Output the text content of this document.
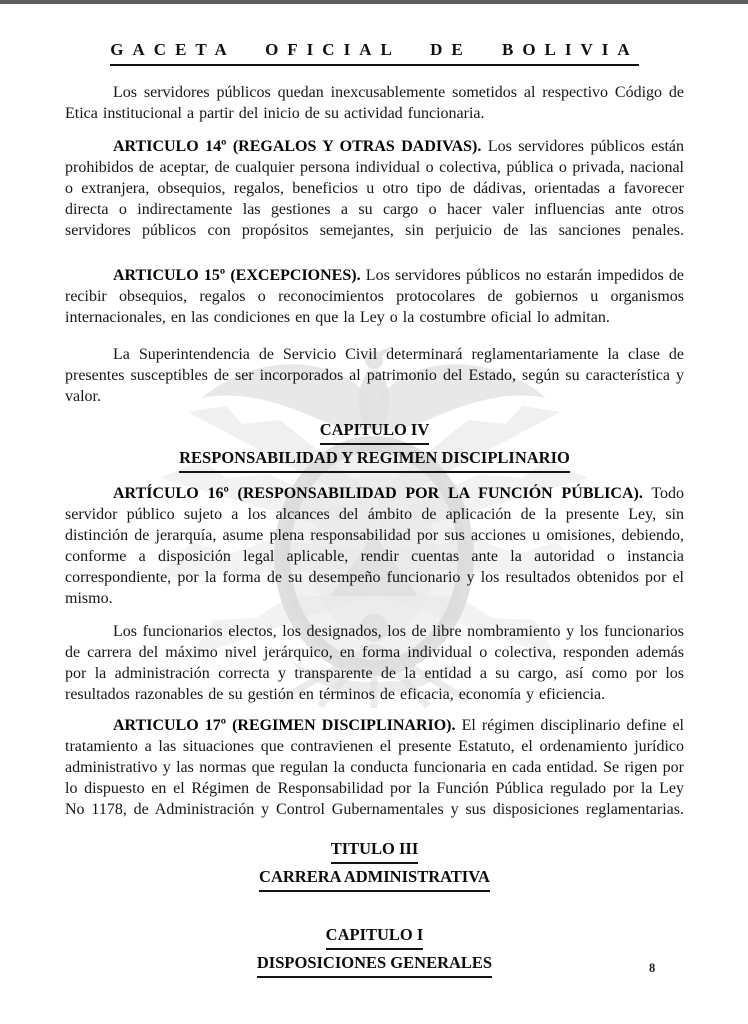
GACETA OFICIAL DE BOLIVIA

Los servidores públicos quedan inexcusablemente sometidos al respectivo Código de Etica institucional a partir del inicio de su actividad funcionaria.

ARTICULO 14º (REGALOS Y OTRAS DADIVAS). Los servidores públicos están prohibidos de aceptar, de cualquier persona individual o colectiva, pública o privada, nacional o extranjera, obsequios, regalos, beneficios u otro tipo de dádivas, orientadas a favorecer directa o indirectamente las gestiones a su cargo o hacer valer influencias ante otros servidores públicos con propósitos semejantes, sin perjuicio de las sanciones penales.

ARTICULO 15º (EXCEPCIONES). Los servidores públicos no estarán impedidos de recibir obsequios, regalos o reconocimientos protocolares de gobiernos u organismos internacionales, en las condiciones en que la Ley o la costumbre oficial lo admitan.

La Superintendencia de Servicio Civil determinará reglamentariamente la clase de presentes susceptibles de ser incorporados al patrimonio del Estado, según su característica y valor.

CAPITULO IV
RESPONSABILIDAD Y REGIMEN DISCIPLINARIO

ARTÍCULO 16º (RESPONSABILIDAD POR LA FUNCIÓN PÚBLICA). Todo servidor público sujeto a los alcances del ámbito de aplicación de la presente Ley, sin distinción de jerarquía, asume plena responsabilidad por sus acciones u omisiones, debiendo, conforme a disposición legal aplicable, rendir cuentas ante la autoridad o instancia correspondiente, por la forma de su desempeño funcionario y los resultados obtenidos por el mismo.

Los funcionarios electos, los designados, los de libre nombramiento y los funcionarios de carrera del máximo nivel jerárquico, en forma individual o colectiva, responden además por la administración correcta y transparente de la entidad a su cargo, así como por los resultados razonables de su gestión en términos de eficacia, economía y eficiencia.

ARTICULO 17º (REGIMEN DISCIPLINARIO). El régimen disciplinario define el tratamiento a las situaciones que contravienen el presente Estatuto, el ordenamiento jurídico administrativo y las normas que regulan la conducta funcionaria en cada entidad. Se rigen por lo dispuesto en el Régimen de Responsabilidad por la Función Pública regulado por la Ley No 1178, de Administración y Control Gubernamentales y sus disposiciones reglamentarias.

TITULO III
CARRERA ADMINISTRATIVA
CAPITULO I
DISPOSICIONES GENERALES	8
